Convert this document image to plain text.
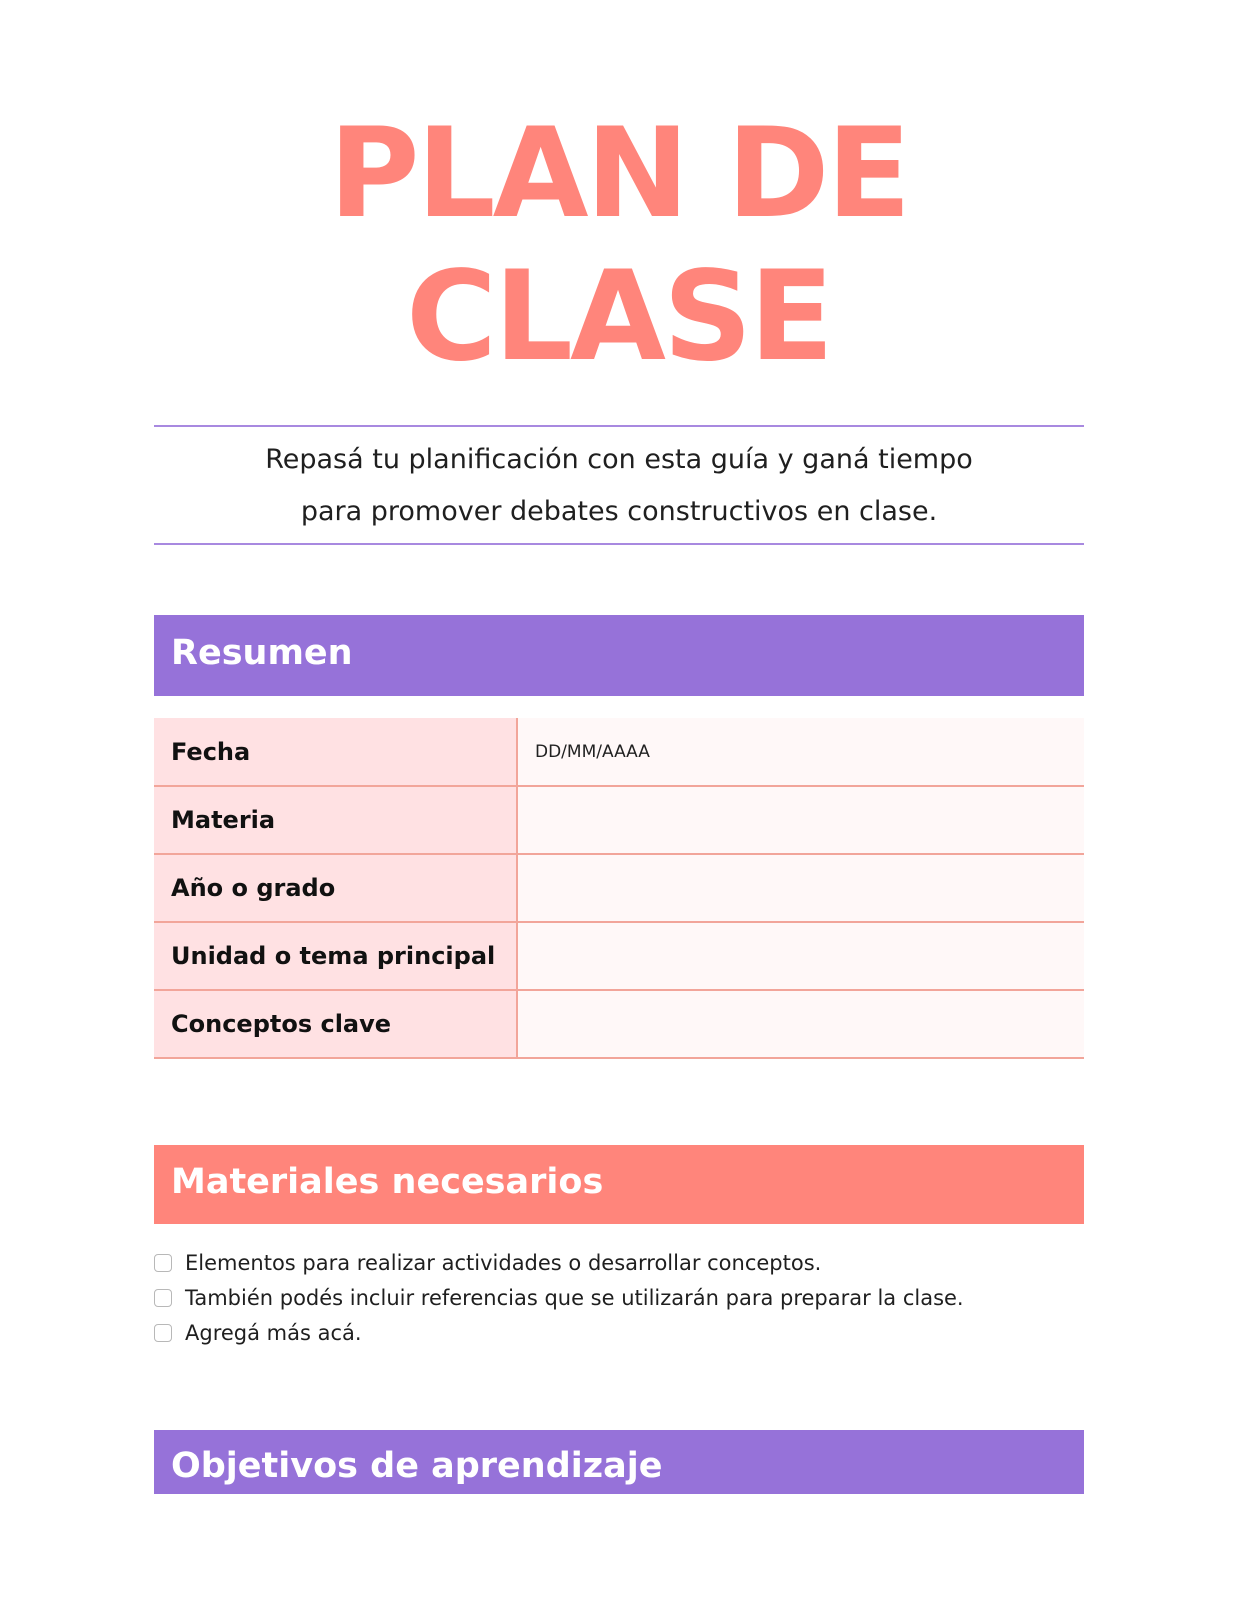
PLAN DE
CLASE

Repasá tu planificación con esta guía y ganá tiempo

para promover debates constructivos en clase.

Resumen
Fecha	DD/MM/AAAA
Materia	
Año o grado	
Unidad o tema principal	
Conceptos clave	
Materiales necesarios
Elementos para realizar actividades o desarrollar conceptos.
También podés incluir referencias que se utilizarán para preparar la clase.
Agregá más acá.
Objetivos de aprendizaje
